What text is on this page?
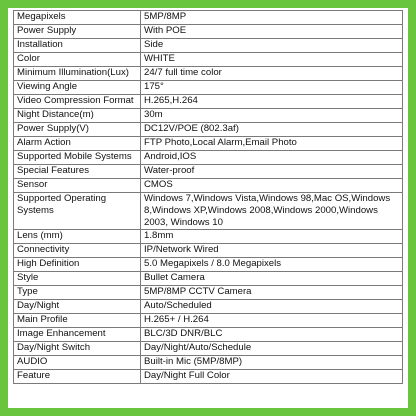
Megapixels	5MP/8MP
Power Supply	With POE
Installation	Side
Color	WHITE
Minimum Illumination(Lux)	24/7 full time color
Viewing Angle	175°
Video Compression Format	H.265,H.264
Night Distance(m)	30m
Power Supply(V)	DC12V/POE (802.3af)
Alarm Action	FTP Photo,Local Alarm,Email Photo
Supported Mobile Systems	Android,IOS
Special Features	Water-proof
Sensor	CMOS
Supported Operating Systems	Windows 7,Windows Vista,Windows 98,Mac OS,Windows 8,Windows XP,Windows 2008,Windows 2000,Windows 2003, Windows 10
Lens (mm)	1.8mm
Connectivity	IP/Network Wired
High Definition	5.0 Megapixels / 8.0 Megapixels
Style	Bullet Camera
Type	5MP/8MP CCTV Camera
Day/Night	Auto/Scheduled
Main Profile	H.265+ / H.264
Image Enhancement	BLC/3D DNR/BLC
Day/Night Switch	Day/Night/Auto/Schedule
AUDIO	Built-in Mic (5MP/8MP)
Feature	Day/Night Full Color
